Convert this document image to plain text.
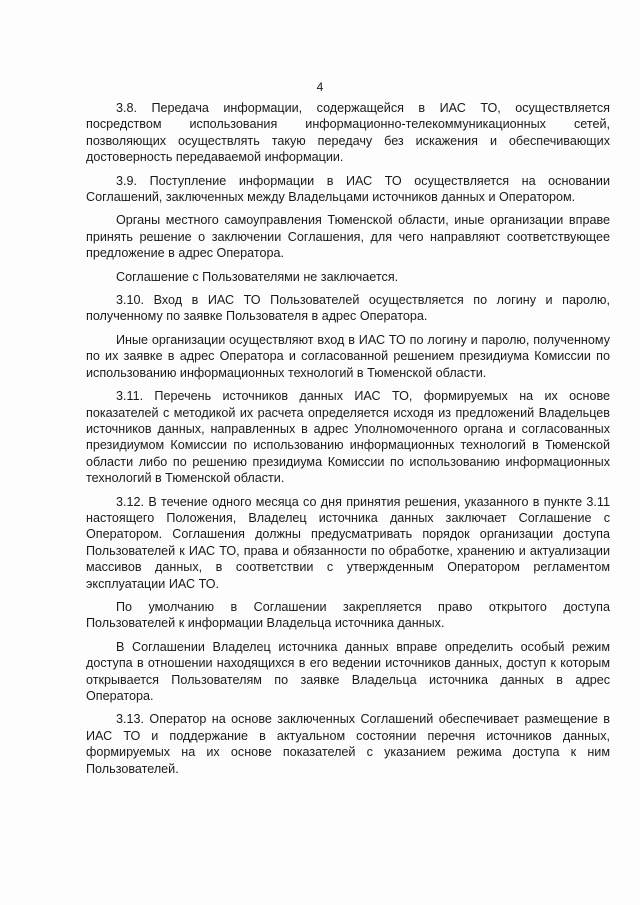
4

3.8. Передача информации, содержащейся в ИАС ТО, осуществляется посредством использования информационно-телекоммуникационных сетей, позволяющих осуществлять такую передачу без искажения и обеспечивающих достоверность передаваемой информации.

3.9. Поступление информации в ИАС ТО осуществляется на основании Соглашений, заключенных между Владельцами источников данных и Оператором.

Органы местного самоуправления Тюменской области, иные организации вправе принять решение о заключении Соглашения, для чего направляют соответствующее предложение в адрес Оператора.

Соглашение с Пользователями не заключается.

3.10. Вход в ИАС ТО Пользователей осуществляется по логину и паролю, полученному по заявке Пользователя в адрес Оператора.

Иные организации осуществляют вход в ИАС ТО по логину и паролю, полученному по их заявке в адрес Оператора и согласованной решением президиума Комиссии по использованию информационных технологий в Тюменской области.

3.11. Перечень источников данных ИАС ТО, формируемых на их основе показателей с методикой их расчета определяется исходя из предложений Владельцев источников данных, направленных в адрес Уполномоченного органа и согласованных президиумом Комиссии по использованию информационных технологий в Тюменской области либо по решению президиума Комиссии по использованию информационных технологий в Тюменской области.

3.12. В течение одного месяца со дня принятия решения, указанного в пункте 3.11 настоящего Положения, Владелец источника данных заключает Соглашение с Оператором. Соглашения должны предусматривать порядок организации доступа Пользователей к ИАС ТО, права и обязанности по обработке, хранению и актуализации массивов данных, в соответствии с утвержденным Оператором регламентом эксплуатации ИАС ТО.

По умолчанию в Соглашении закрепляется право открытого доступа Пользователей к информации Владельца источника данных.

В Соглашении Владелец источника данных вправе определить особый режим доступа в отношении находящихся в его ведении источников данных, доступ к которым открывается Пользователям по заявке Владельца источника данных в адрес Оператора.

3.13. Оператор на основе заключенных Соглашений обеспечивает размещение в ИАС ТО и поддержание в актуальном состоянии перечня источников данных, формируемых на их основе показателей с указанием режима доступа к ним Пользователей.
